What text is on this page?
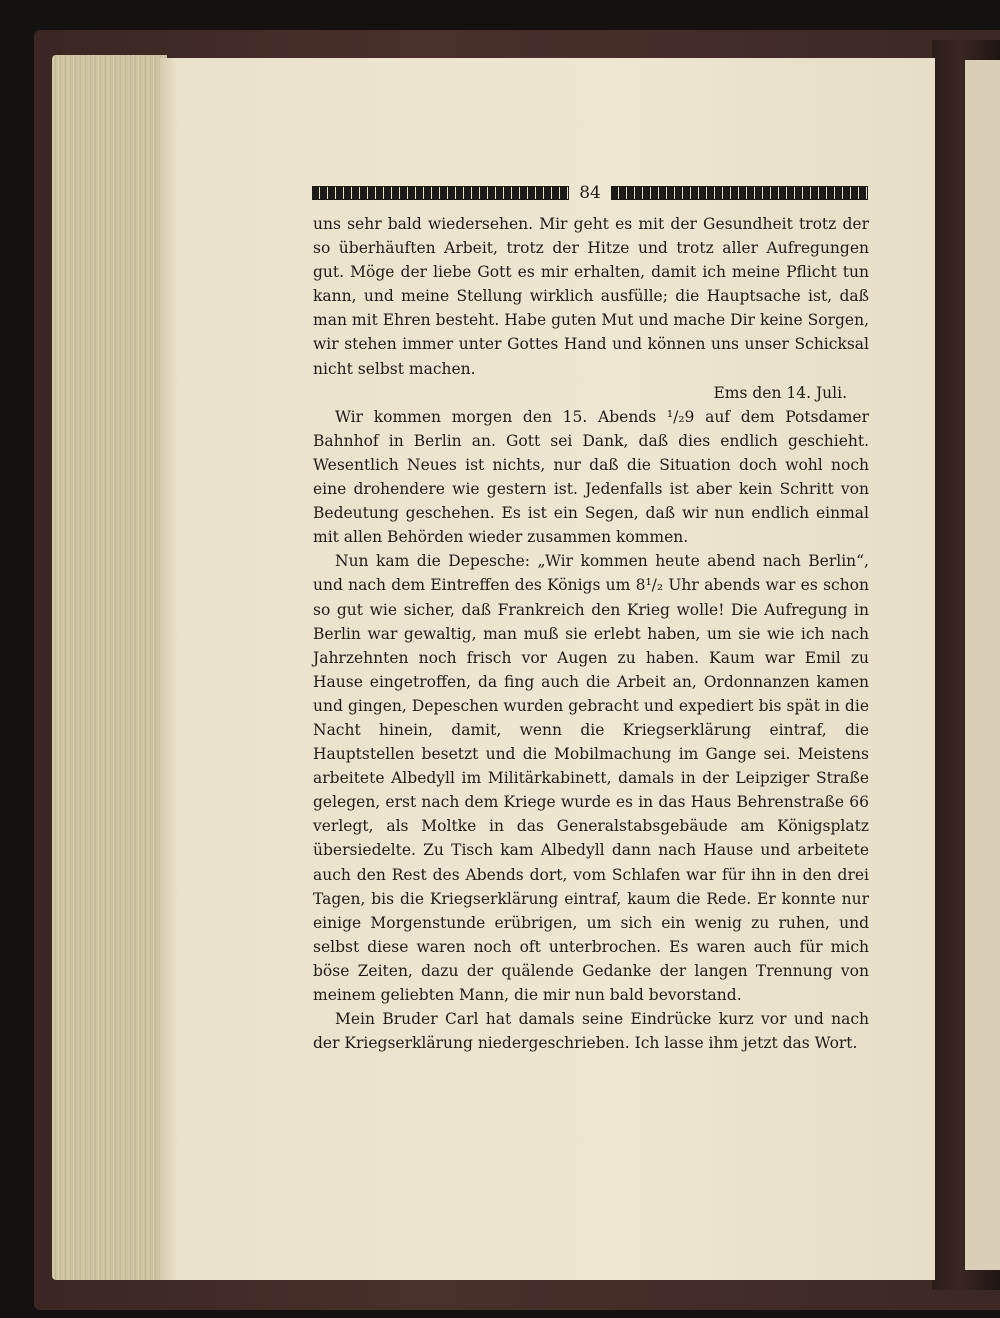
84

uns sehr bald wiedersehen. Mir geht es mit der Gesundheit trotz der so überhäuften Arbeit, trotz der Hitze und trotz aller Aufregungen gut. Möge der liebe Gott es mir erhalten, damit ich meine Pflicht tun kann, und meine Stellung wirklich ausfülle; die Hauptsache ist, daß man mit Ehren besteht. Habe guten Mut und mache Dir keine Sorgen, wir stehen immer unter Gottes Hand und können uns unser Schicksal nicht selbst machen.

Ems den 14. Juli.

Wir kommen morgen den 15. Abends ¹/₂9 auf dem Potsdamer Bahnhof in Berlin an. Gott sei Dank, daß dies endlich geschieht. Wesentlich Neues ist nichts, nur daß die Situation doch wohl noch eine drohendere wie gestern ist. Jedenfalls ist aber kein Schritt von Bedeutung geschehen. Es ist ein Segen, daß wir nun endlich einmal mit allen Behörden wieder zusammen kommen.

Nun kam die Depesche: „Wir kommen heute abend nach Berlin“, und nach dem Eintreffen des Königs um 8¹/₂ Uhr abends war es schon so gut wie sicher, daß Frankreich den Krieg wolle! Die Aufregung in Berlin war gewaltig, man muß sie erlebt haben, um sie wie ich nach Jahrzehnten noch frisch vor Augen zu haben. Kaum war Emil zu Hause eingetroffen, da fing auch die Arbeit an, Ordonnanzen kamen und gingen, Depeschen wurden gebracht und expediert bis spät in die Nacht hinein, damit, wenn die Kriegserklärung eintraf, die Hauptstellen besetzt und die Mobilmachung im Gange sei. Meistens arbeitete Albedyll im Militärkabinett, damals in der Leipziger Straße gelegen, erst nach dem Kriege wurde es in das Haus Behrenstraße 66 verlegt, als Moltke in das Generalstabsgebäude am Königsplatz übersiedelte. Zu Tisch kam Albedyll dann nach Hause und arbeitete auch den Rest des Abends dort, vom Schlafen war für ihn in den drei Tagen, bis die Kriegserklärung eintraf, kaum die Rede. Er konnte nur einige Morgenstunde erübrigen, um sich ein wenig zu ruhen, und selbst diese waren noch oft unterbrochen. Es waren auch für mich böse Zeiten, dazu der quälende Gedanke der langen Trennung von meinem geliebten Mann, die mir nun bald bevorstand.

Mein Bruder Carl hat damals seine Eindrücke kurz vor und nach der Kriegserklärung niedergeschrieben. Ich lasse ihm jetzt das Wort.
